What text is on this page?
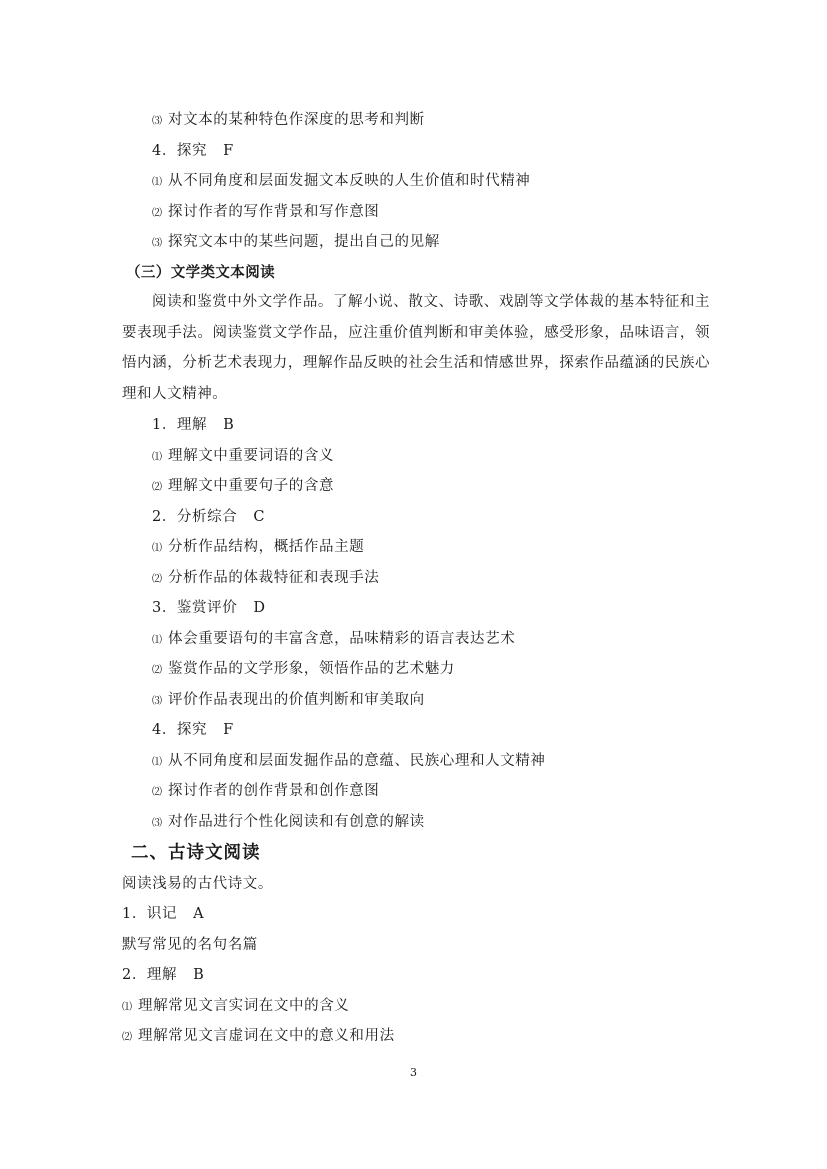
⑶ 对文本的某种特色作深度的思考和判断
4．探究 F
⑴ 从不同角度和层面发掘文本反映的人生价值和时代精神
⑵ 探讨作者的写作背景和写作意图
⑶ 探究文本中的某些问题，提出自己的见解
（三）文学类文本阅读
阅读和鉴赏中外文学作品。了解小说、散文、诗歌、戏剧等文学体裁的基本特征和主要表现手法。阅读鉴赏文学作品，应注重价值判断和审美体验，感受形象，品味语言，领悟内涵，分析艺术表现力，理解作品反映的社会生活和情感世界，探索作品蕴涵的民族心理和人文精神。
1．理解 B
⑴ 理解文中重要词语的含义
⑵ 理解文中重要句子的含意
2．分析综合 C
⑴ 分析作品结构，概括作品主题
⑵ 分析作品的体裁特征和表现手法
3．鉴赏评价 D
⑴ 体会重要语句的丰富含意，品味精彩的语言表达艺术
⑵ 鉴赏作品的文学形象，领悟作品的艺术魅力
⑶ 评价作品表现出的价值判断和审美取向
4．探究 F
⑴ 从不同角度和层面发掘作品的意蕴、民族心理和人文精神
⑵ 探讨作者的创作背景和创作意图
⑶ 对作品进行个性化阅读和有创意的解读
二、古诗文阅读
阅读浅易的古代诗文。
1．识记 A
默写常见的名句名篇
2．理解 B
⑴ 理解常见文言实词在文中的含义
⑵ 理解常见文言虚词在文中的意义和用法
3
